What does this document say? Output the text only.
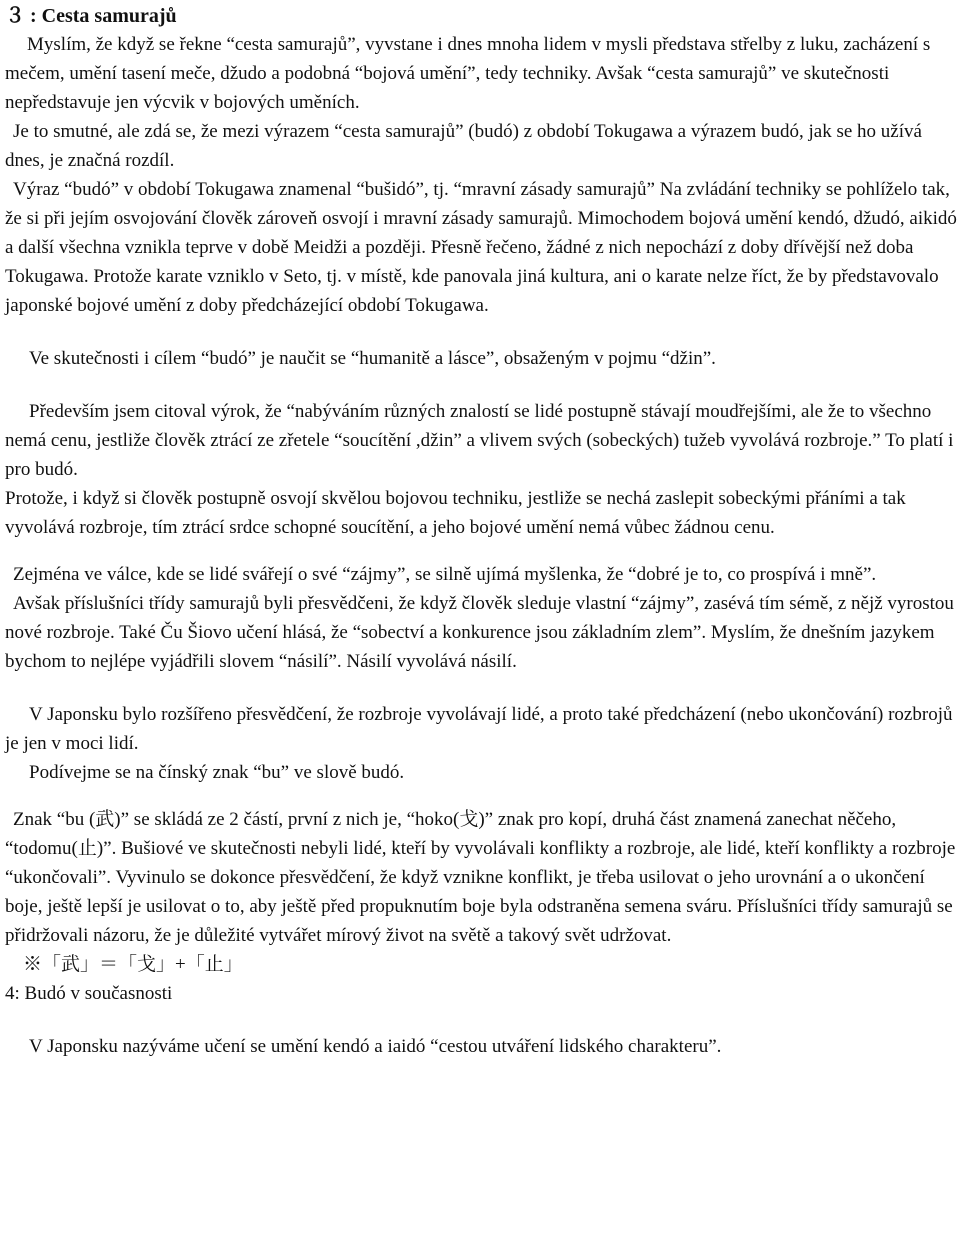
３ : Cesta samurajů

Myslím, že když se řekne “cesta samurajů”, vyvstane i dnes mnoha lidem v mysli představa střelby z luku, zacházení s mečem, umění tasení meče, džudo a podobná “bojová umění”, tedy techniky. Avšak “cesta samurajů” ve skutečnosti nepředstavuje jen výcvik v bojových uměních.

Je to smutné, ale zdá se, že mezi výrazem “cesta samurajů” (budó) z období Tokugawa a výrazem budó, jak se ho užívá dnes, je značná rozdíl.

Výraz “budó” v období Tokugawa znamenal “bušidó”, tj. “mravní zásady samurajů” Na zvládání techniky se pohlíželo tak, že si při jejím osvojování člověk zároveň osvojí i mravní zásady samurajů. Mimochodem bojová umění kendó, džudó, aikidó a další všechna vznikla teprve v době Meidži a později. Přesně řečeno, žádné z nich nepochází z doby dřívější než doba Tokugawa. Protože karate vzniklo v Seto, tj. v místě, kde panovala jiná kultura, ani o karate nelze říct, že by představovalo japonské bojové umění z doby předcházející období Tokugawa.

Ve skutečnosti i cílem “budó” je naučit se “humanitě a lásce”, obsaženým v pojmu “džin”.

Především jsem citoval výrok, že “nabýváním různých znalostí se lidé postupně stávají moudřejšími, ale že to všechno nemá cenu, jestliže člověk ztrácí ze zřetele “soucítění ,džin” a vlivem svých (sobeckých) tužeb vyvolává rozbroje.” To platí i pro budó.

Protože, i když si člověk postupně osvojí skvělou bojovou techniku, jestliže se nechá zaslepit sobeckými přáními a tak vyvolává rozbroje, tím ztrácí srdce schopné soucítění, a jeho bojové umění nemá vůbec žádnou cenu.

Zejména ve válce, kde se lidé svářejí o své “zájmy”, se silně ujímá myšlenka, že “dobré je to, co prospívá i mně”.

Avšak příslušníci třídy samurajů byli přesvědčeni, že když člověk sleduje vlastní “zájmy”, zasévá tím sémě, z nějž vyrostou nové rozbroje. Také Ču Šiovo učení hlásá, že “sobectví a konkurence jsou základním zlem”. Myslím, že dnešním jazykem bychom to nejlépe vyjádřili slovem “násilí”. Násilí vyvolává násilí.

V Japonsku bylo rozšířeno přesvědčení, že rozbroje vyvolávají lidé, a proto také předcházení (nebo ukončování) rozbrojů je jen v moci lidí.

Podívejme se na čínský znak “bu” ve slově budó.

Znak “bu (武)” se skládá ze 2 částí, první z nich je, “hoko(戈)” znak pro kopí, druhá část znamená zanechat něčeho, “todomu(止)”. Bušiové ve skutečnosti nebyli lidé, kteří by vyvolávali konflikty a rozbroje, ale lidé, kteří konflikty a rozbroje “ukončovali”. Vyvinulo se dokonce přesvědčení, že když vznikne konflikt, je třeba usilovat o jeho urovnání a o ukončení boje, ještě lepší je usilovat o to, aby ještě před propuknutím boje byla odstraněna semena sváru. Příslušníci třídy samurajů se přidržovali názoru, že je důležité vytvářet mírový život na světě a takový svět udržovat.

※「武」＝「戈」+「止」

4: Budó v současnosti

V Japonsku nazýváme učení se umění kendó a iaidó “cestou utváření lidského charakteru”.
